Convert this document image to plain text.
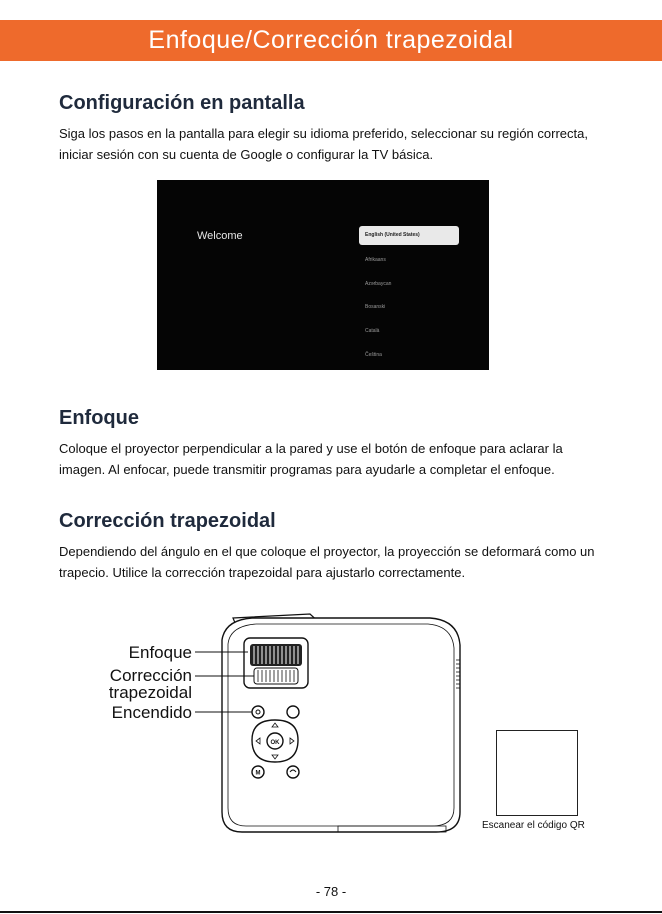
Enfoque/Corrección trapezoidal
Configuración en pantalla

Siga los pasos en la pantalla para elegir su idioma preferido, seleccionar su región correcta,

iniciar sesión con su cuenta de Google o configurar la TV básica.

Welcome	English (United States)
Afrikaans
Azərbaycan
Bosanski
Català
Čeština
Enfoque

Coloque el proyector perpendicular a la pared y use el botón de enfoque para aclarar la

imagen. Al enfocar, puede transmitir programas para ayudarle a completar el enfoque.

Corrección trapezoidal

Dependiendo del ángulo en el que coloque el proyector, la proyección se deformará como un

trapecio. Utilice la corrección trapezoidal para ajustarlo correctamente.

OK
M
Enfoque
Corrección
trapezoidal
Encendido
Escanear el código QR
- 78 -
